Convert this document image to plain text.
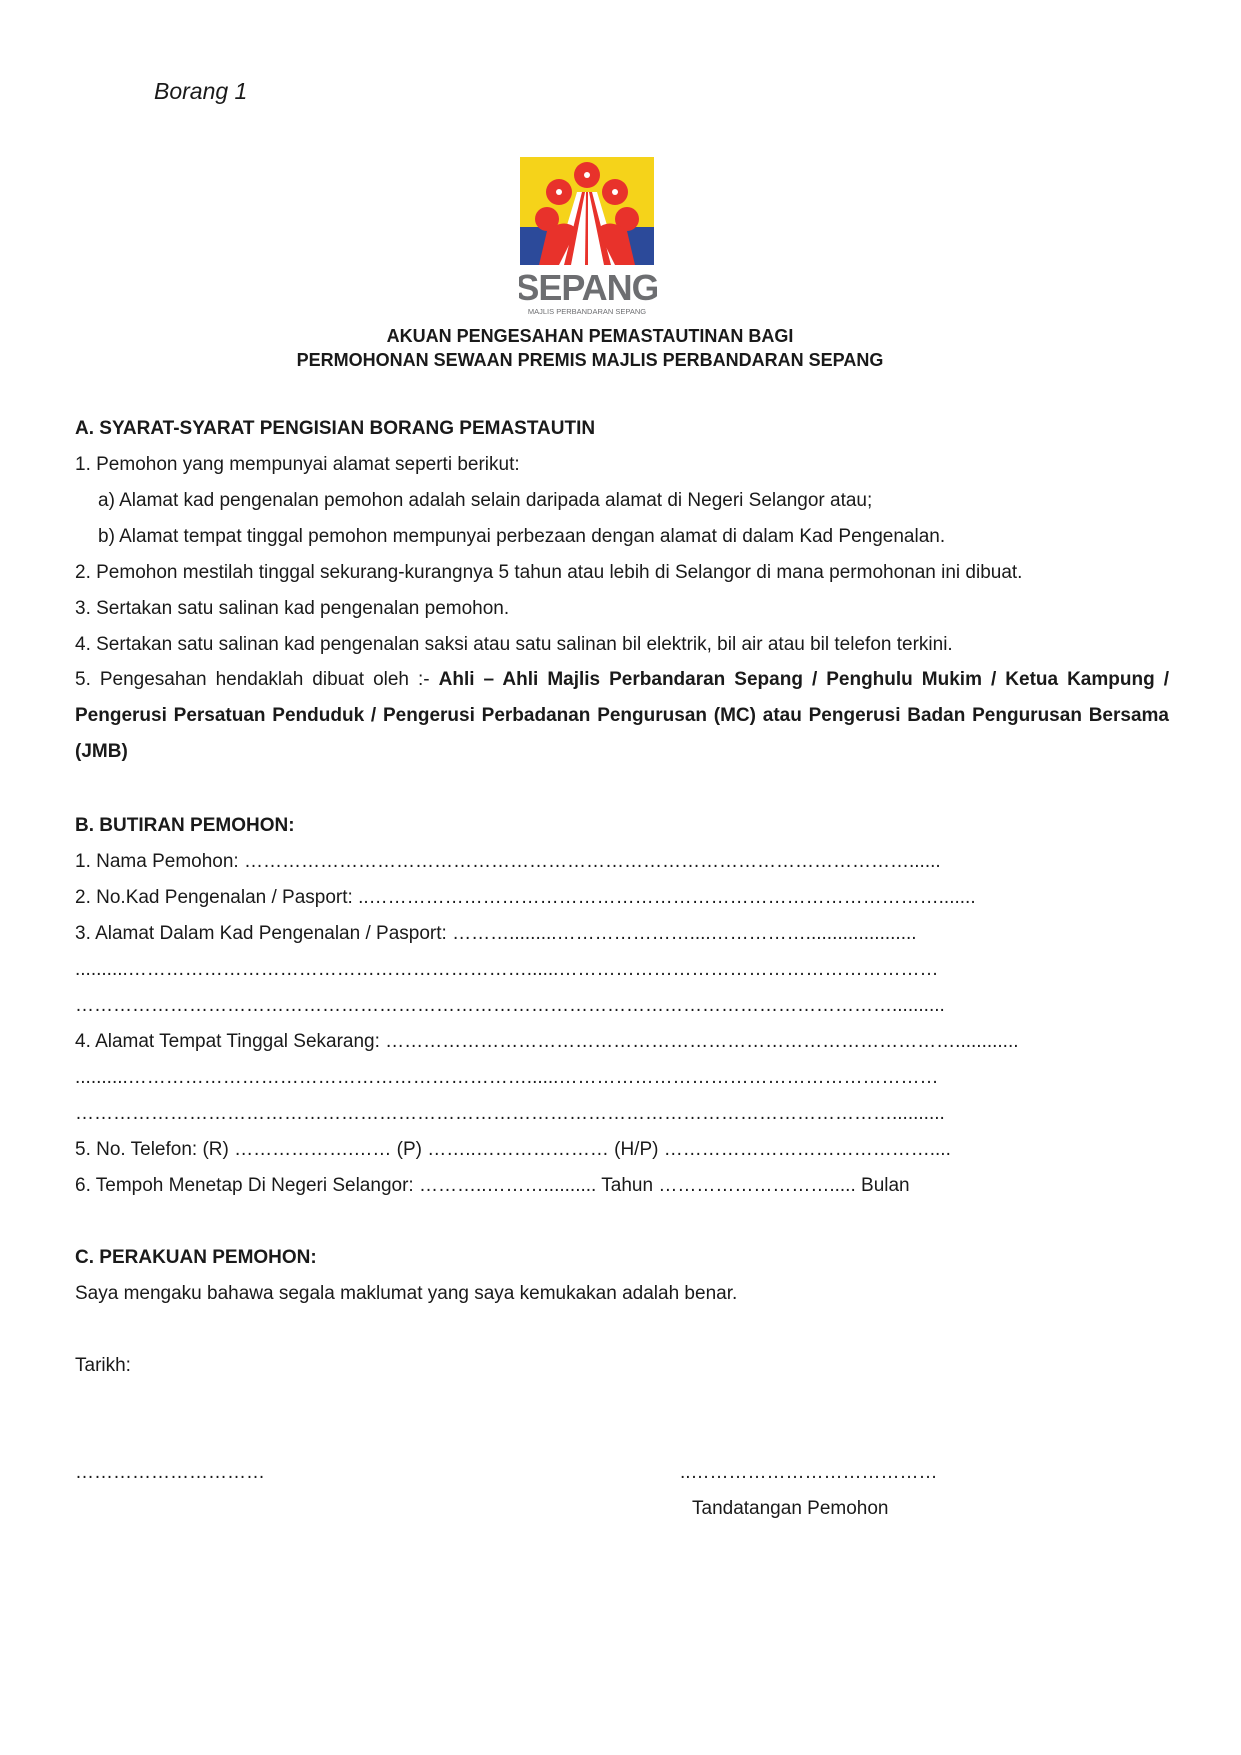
Borang 1
SEPANG
MAJLIS PERBANDARAN SEPANG
AKUAN PENGESAHAN PEMASTAUTINAN BAGI
PERMOHONAN SEWAAN PREMIS MAJLIS PERBANDARAN SEPANG
A. SYARAT-SYARAT PENGISIAN BORANG PEMASTAUTIN
1. Pemohon yang mempunyai alamat seperti berikut:
a) Alamat kad pengenalan pemohon adalah selain daripada alamat di Negeri Selangor atau;
b) Alamat tempat tinggal pemohon mempunyai perbezaan dengan alamat di dalam Kad Pengenalan.
2. Pemohon mestilah tinggal sekurang-kurangnya 5 tahun atau lebih di Selangor di mana permohonan ini dibuat.
3. Sertakan satu salinan kad pengenalan pemohon.
4. Sertakan satu salinan kad pengenalan saksi atau satu salinan bil elektrik, bil air atau bil telefon terkini.
5. Pengesahan hendaklah dibuat oleh :- Ahli – Ahli Majlis Perbandaran Sepang / Penghulu Mukim / Ketua Kampung / Pengerusi Persatuan Penduduk / Pengerusi Perbadanan Pengurusan (MC) atau Pengerusi Badan Pengurusan Bersama (JMB)
B. BUTIRAN PEMOHON:
1. Nama Pemohon: ……………………………………………………………………………………………......
2. No.Kad Pengenalan / Pasport: ..……………………………………………………………………………….......
3. Alamat Dalam Kad Pengenalan / Pasport: ……….........…………………....…………….....................
..........………………………………………………………......……………………………………………………
…………………………………………………………………………………………………………………..........
4. Alamat Tempat Tinggal Sekarang: ………………………………………………………………………………............
..........………………………………………………………......……………………………………………………
…………………………………………………………………………………………………………………..........
5. No. Telefon: (R) ……………….…… (P) ……..………………… (H/P) ……………………………………....
6. Tempoh Menetap Di Negeri Selangor: ………..……….......... Tahun ………………………..... Bulan
C. PERAKUAN PEMOHON:
Saya mengaku bahawa segala maklumat yang saya kemukakan adalah benar.
Tarikh:
…………………………	..…………………………………
Tandatangan Pemohon
